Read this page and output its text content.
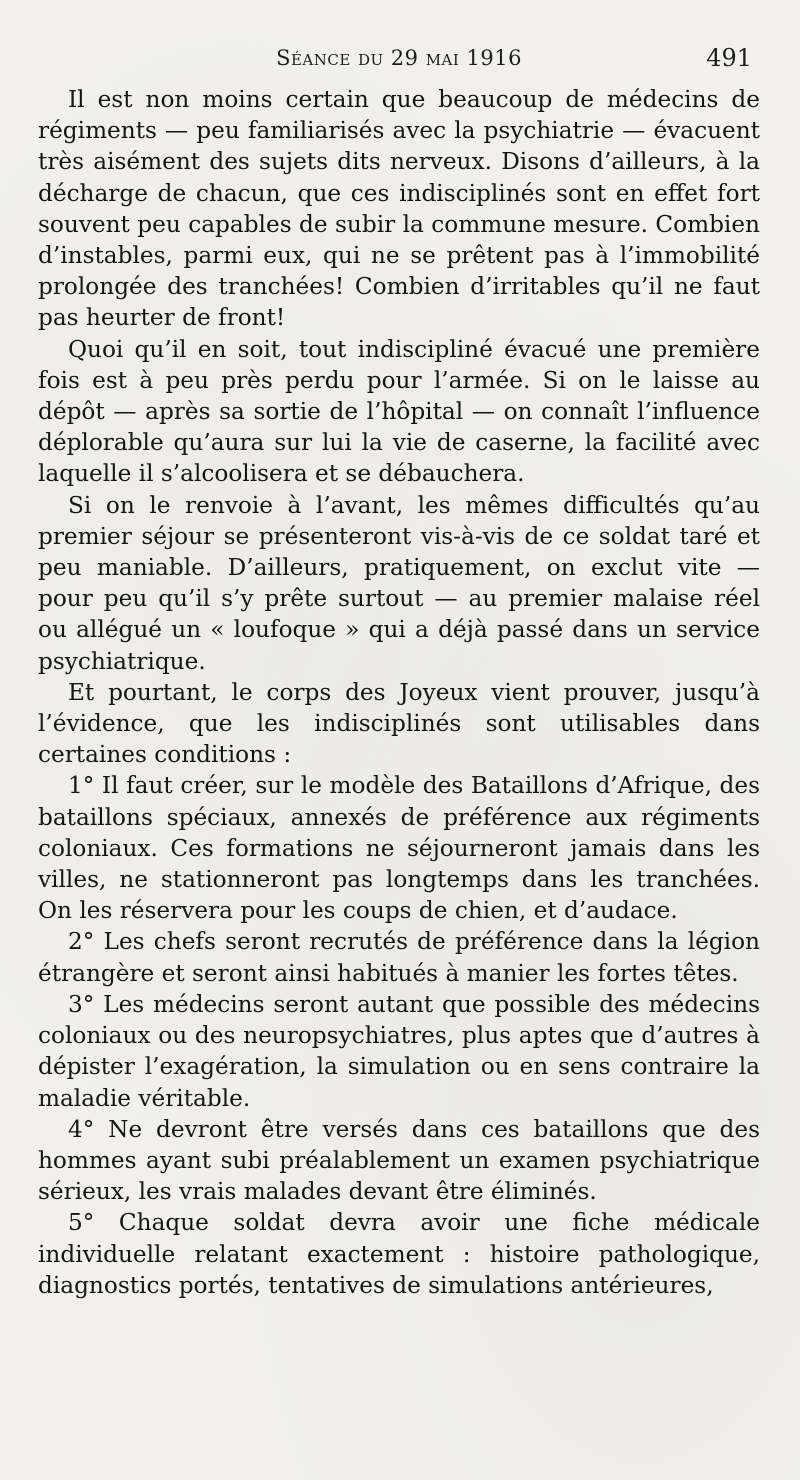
Séance du 29 mai 1916	491

Il est non moins certain que beaucoup de médecins de régiments — peu familiarisés avec la psychiatrie — évacuent très aisément des sujets dits nerveux. Disons d’ailleurs, à la décharge de chacun, que ces indisciplinés sont en effet fort souvent peu capables de subir la commune mesure. Combien d’instables, parmi eux, qui ne se prêtent pas à l’immobilité prolongée des tranchées! Combien d’irritables qu’il ne faut pas heurter de front!

Quoi qu’il en soit, tout indiscipliné évacué une première fois est à peu près perdu pour l’armée. Si on le laisse au dépôt — après sa sortie de l’hôpital — on connaît l’influence déplorable qu’aura sur lui la vie de caserne, la facilité avec laquelle il s’alcoolisera et se débauchera.

Si on le renvoie à l’avant, les mêmes difficultés qu’au premier séjour se présenteront vis-à-vis de ce soldat taré et peu maniable. D’ailleurs, pratiquement, on exclut vite — pour peu qu’il s’y prête surtout — au premier malaise réel ou allégué un « loufoque » qui a déjà passé dans un service psychiatrique.

Et pourtant, le corps des Joyeux vient prouver, jusqu’à l’évidence, que les indisciplinés sont utilisables dans certaines conditions :

1° Il faut créer, sur le modèle des Bataillons d’Afrique, des bataillons spéciaux, annexés de préférence aux régiments coloniaux. Ces formations ne séjourneront jamais dans les villes, ne stationneront pas longtemps dans les tranchées. On les réservera pour les coups de chien, et d’audace.

2° Les chefs seront recrutés de préférence dans la légion étrangère et seront ainsi habitués à manier les fortes têtes.

3° Les médecins seront autant que possible des médecins coloniaux ou des neuropsychiatres, plus aptes que d’autres à dépister l’exagération, la simulation ou en sens contraire la maladie véritable.

4° Ne devront être versés dans ces bataillons que des hommes ayant subi préalablement un examen psychiatrique sérieux, les vrais malades devant être éliminés.

5° Chaque soldat devra avoir une fiche médicale individuelle relatant exactement : histoire pathologique, diagnostics portés, tentatives de simulations antérieures,
